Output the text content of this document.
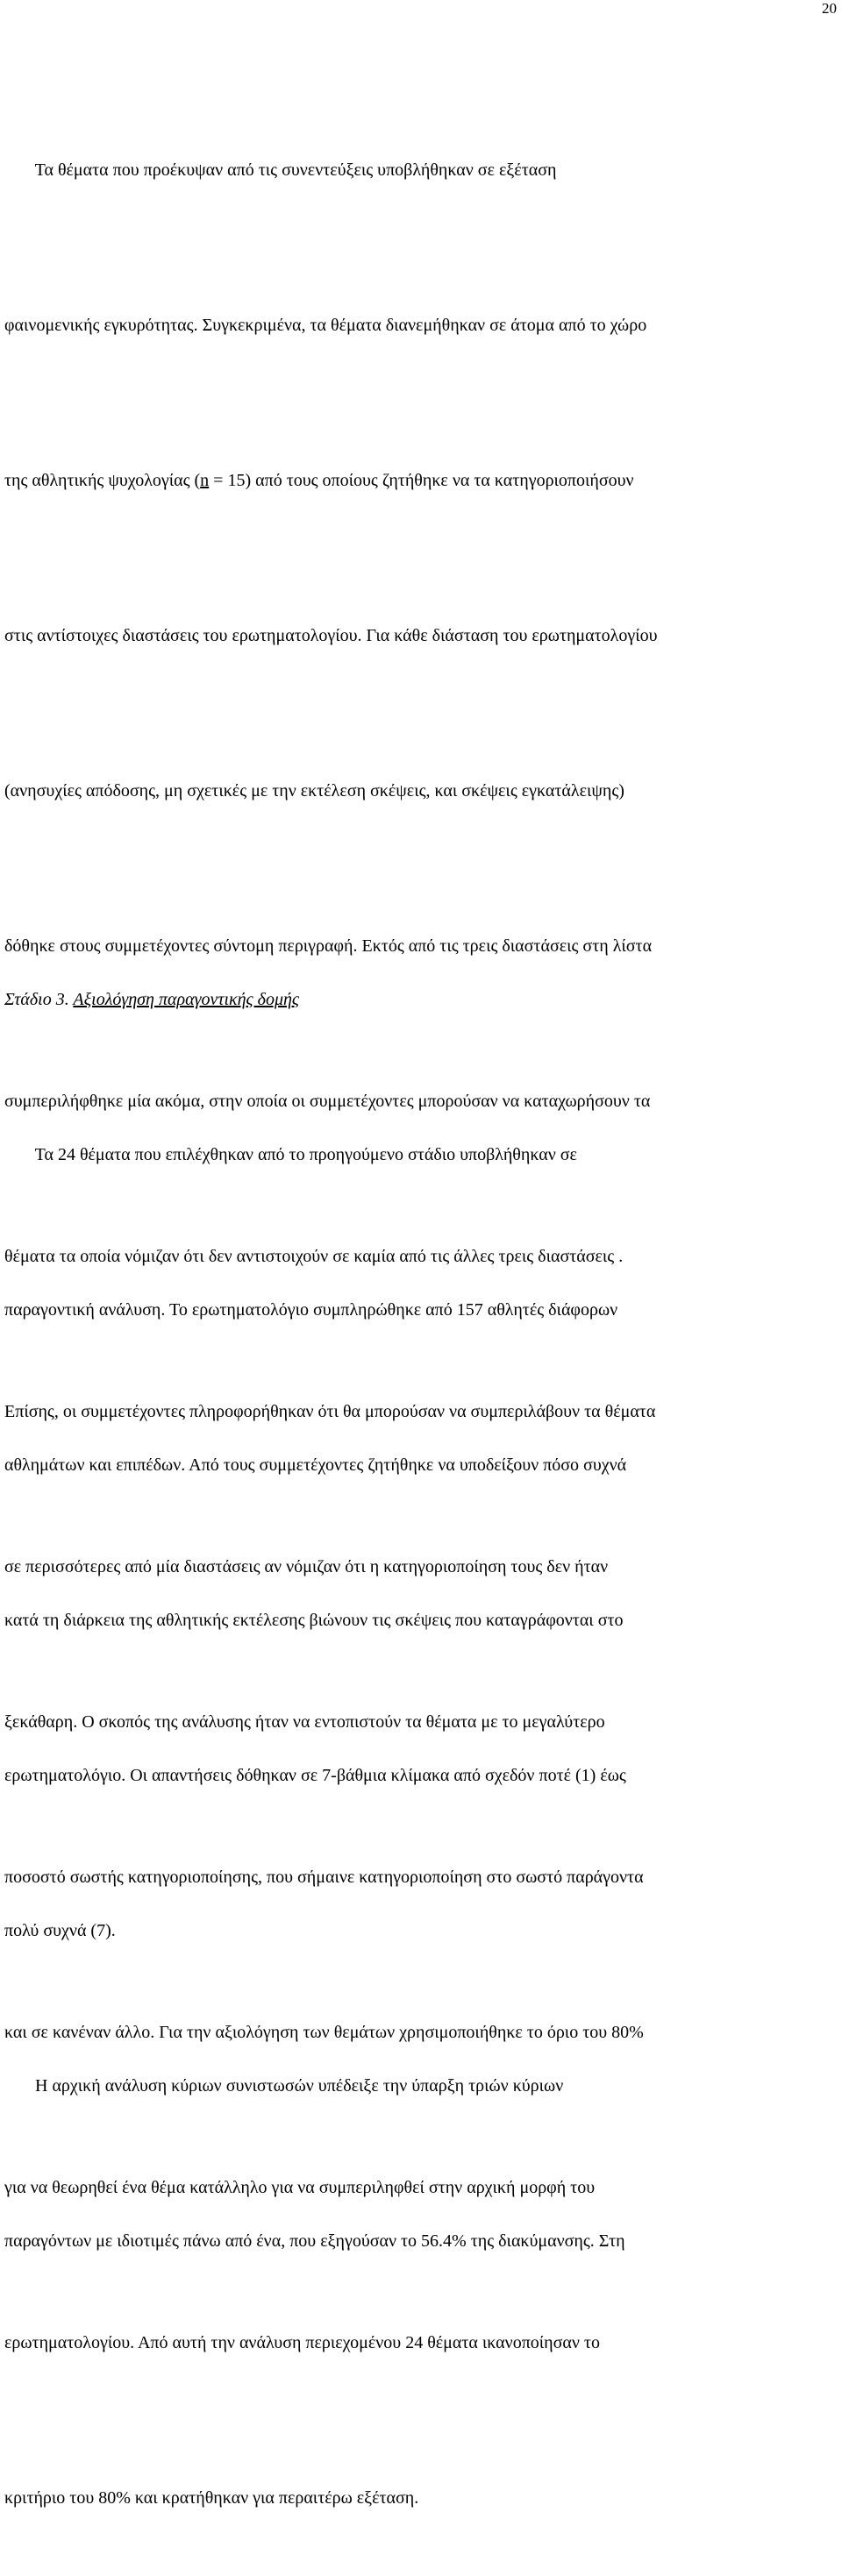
20

Τα θέματα που προέκυψαν από τις συνεντεύξεις υποβλήθηκαν σε εξέταση

φαινομενικής εγκυρότητας. Συγκεκριμένα, τα θέματα διανεμήθηκαν σε άτομα από το χώρο

της αθλητικής ψυχολογίας (n = 15) από τους οποίους ζητήθηκε να τα κατηγοριοποιήσουν

στις αντίστοιχες διαστάσεις του ερωτηματολογίου. Για κάθε διάσταση του ερωτηματολογίου

(ανησυχίες απόδοσης, μη σχετικές με την εκτέλεση σκέψεις, και σκέψεις εγκατάλειψης)

δόθηκε στους συμμετέχοντες σύντομη περιγραφή. Εκτός από τις τρεις διαστάσεις στη λίστα

συμπεριλήφθηκε μία ακόμα, στην οποία οι συμμετέχοντες μπορούσαν να καταχωρήσουν τα

θέματα τα οποία νόμιζαν ότι δεν αντιστοιχούν σε καμία από τις άλλες τρεις διαστάσεις .

Επίσης, οι συμμετέχοντες πληροφορήθηκαν ότι θα μπορούσαν να συμπεριλάβουν τα θέματα

σε περισσότερες από μία διαστάσεις αν νόμιζαν ότι η κατηγοριοποίηση τους δεν ήταν

ξεκάθαρη. Ο σκοπός της ανάλυσης ήταν να εντοπιστούν τα θέματα με το μεγαλύτερο

ποσοστό σωστής κατηγοριοποίησης, που σήμαινε κατηγοριοποίηση στο σωστό παράγοντα

και σε κανέναν άλλο. Για την αξιολόγηση των θεμάτων χρησιμοποιήθηκε το όριο του 80%

για να θεωρηθεί ένα θέμα κατάλληλο για να συμπεριληφθεί στην αρχική μορφή του

ερωτηματολογίου. Από αυτή την ανάλυση περιεχομένου 24 θέματα ικανοποίησαν το

κριτήριο του 80% και κρατήθηκαν για περαιτέρω εξέταση.

Στάδιο 3. Αξιολόγηση παραγοντικής δομής

Τα 24 θέματα που επιλέχθηκαν από το προηγούμενο στάδιο υποβλήθηκαν σε

παραγοντική ανάλυση. Το ερωτηματολόγιο συμπληρώθηκε από 157 αθλητές διάφορων

αθλημάτων και επιπέδων. Από τους συμμετέχοντες ζητήθηκε να υποδείξουν πόσο συχνά

κατά τη διάρκεια της αθλητικής εκτέλεσης βιώνουν τις σκέψεις που καταγράφονται στο

ερωτηματολόγιο. Οι απαντήσεις δόθηκαν σε 7-βάθμια κλίμακα από σχεδόν ποτέ (1) έως

πολύ συχνά (7).

Η αρχική ανάλυση κύριων συνιστωσών υπέδειξε την ύπαρξη τριών κύριων

παραγόντων με ιδιοτιμές πάνω από ένα, που εξηγούσαν το 56.4% της διακύμανσης. Στη
